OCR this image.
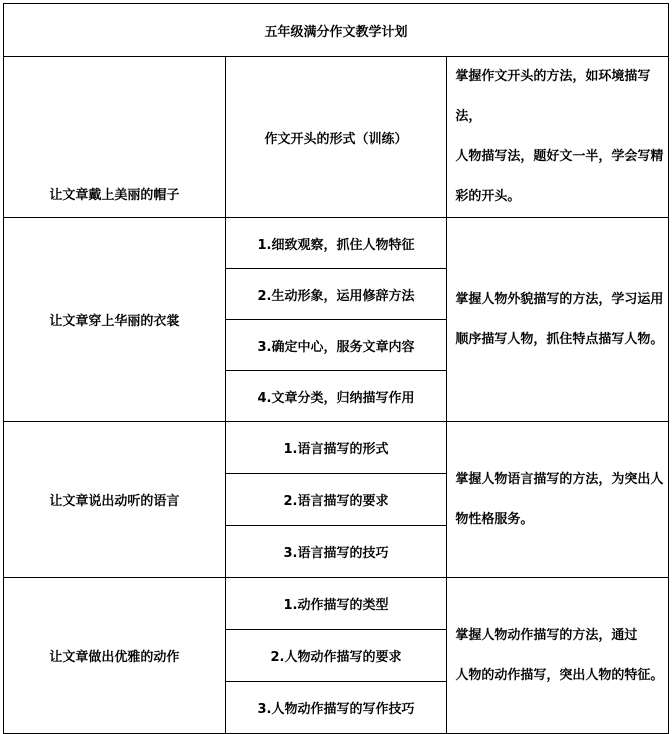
五年级满分作文教学计划		
让文章戴上美丽的帽子	作文开头的形式（训练）	掌握作文开头的方法，如环境描写法，
人物描写法，题好文一半，学会写精彩的开头。

让文章穿上华丽的衣裳	1.细致观察，抓住人物特征	掌握人物外貌描写的方法，学习运用
顺序描写人物，抓住特点描写人物。

	2.生动形象，运用修辞方法	
	3.确定中心，服务文章内容	
	4.文章分类，归纳描写作用	
让文章说出动听的语言	1.语言描写的形式	掌握人物语言描写的方法，为突出人物性格服务。

	2.语言描写的要求	
	3.语言描写的技巧	
让文章做出优雅的动作	1.动作描写的类型	掌握人物动作描写的方法，通过
人物的动作描写，突出人物的特征。

	2.人物动作描写的要求	
	3.人物动作描写的写作技巧	
